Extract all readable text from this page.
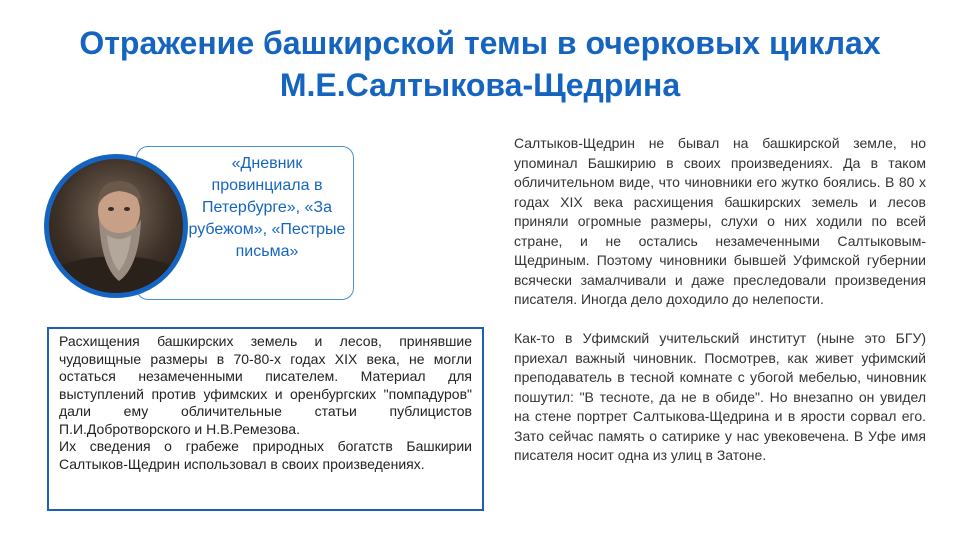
Отражение башкирской темы в очерковых циклах М.Е.Салтыкова-Щедрина

«Дневник провинциала в Петербурге», «За рубежом», «Пестрые письма»

Расхищения башкирских земель и лесов, принявшие чудовищные размеры в 70-80-х годах XIX века, не могли остаться незамеченными писателем. Материал для выступлений против уфимских и оренбургских "помпадуров" дали ему обличительные статьи публицистов П.И.Добротворского и Н.В.Ремезова.

Их сведения о грабеже природных богатств Башкирии Салтыков-Щедрин использовал в своих произведениях.

Салтыков-Щедрин не бывал на башкирской земле, но упоминал Башкирию в своих произведениях. Да в таком обличительном виде, что чиновники его жутко боялись. В 80 х годах XIX века расхищения башкирских земель и лесов приняли огромные размеры, слухи о них ходили по всей стране, и не остались незамеченными Салтыковым-Щедриным. Поэтому чиновники бывшей Уфимской губернии всячески замалчивали и даже преследовали произведения писателя. Иногда дело доходило до нелепости.

Как-то в Уфимский учительский институт (ныне это БГУ) приехал важный чиновник. Посмотрев, как живет уфимский преподаватель в тесной комнате с убогой мебелью, чиновник пошутил: "В тесноте, да не в обиде". Но внезапно он увидел на стене портрет Салтыкова-Щедрина и в ярости сорвал его. Зато сейчас память о сатирике у нас увековечена. В Уфе имя писателя носит одна из улиц в Затоне.
